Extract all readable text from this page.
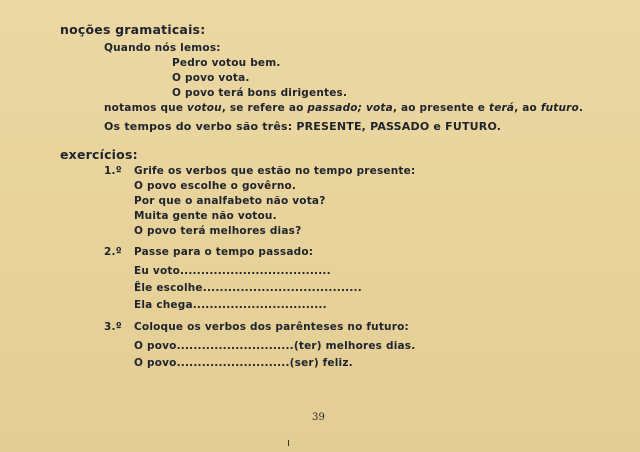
noções gramaticais:
Quando nós lemos:
Pedro votou bem.
O povo vota.
O povo terá bons dirigentes.
notamos que votou, se refere ao passado; vota, ao presente e terá, ao futuro.
Os tempos do verbo são três: PRESENTE, PASSADO e FUTURO.
exercícios:
1.º Grife os verbos que estão no tempo presente:
O povo escolhe o govêrno.
Por que o analfabeto não vota?
Muita gente não votou.
O povo terá melhores dias?
2.º Passe para o tempo passado:
Eu voto....................................
Êle escolhe......................................
Ela chega................................
3.º Coloque os verbos dos parênteses no futuro:
O povo............................(ter) melhores dias.
O povo...........................(ser) feliz.
39
